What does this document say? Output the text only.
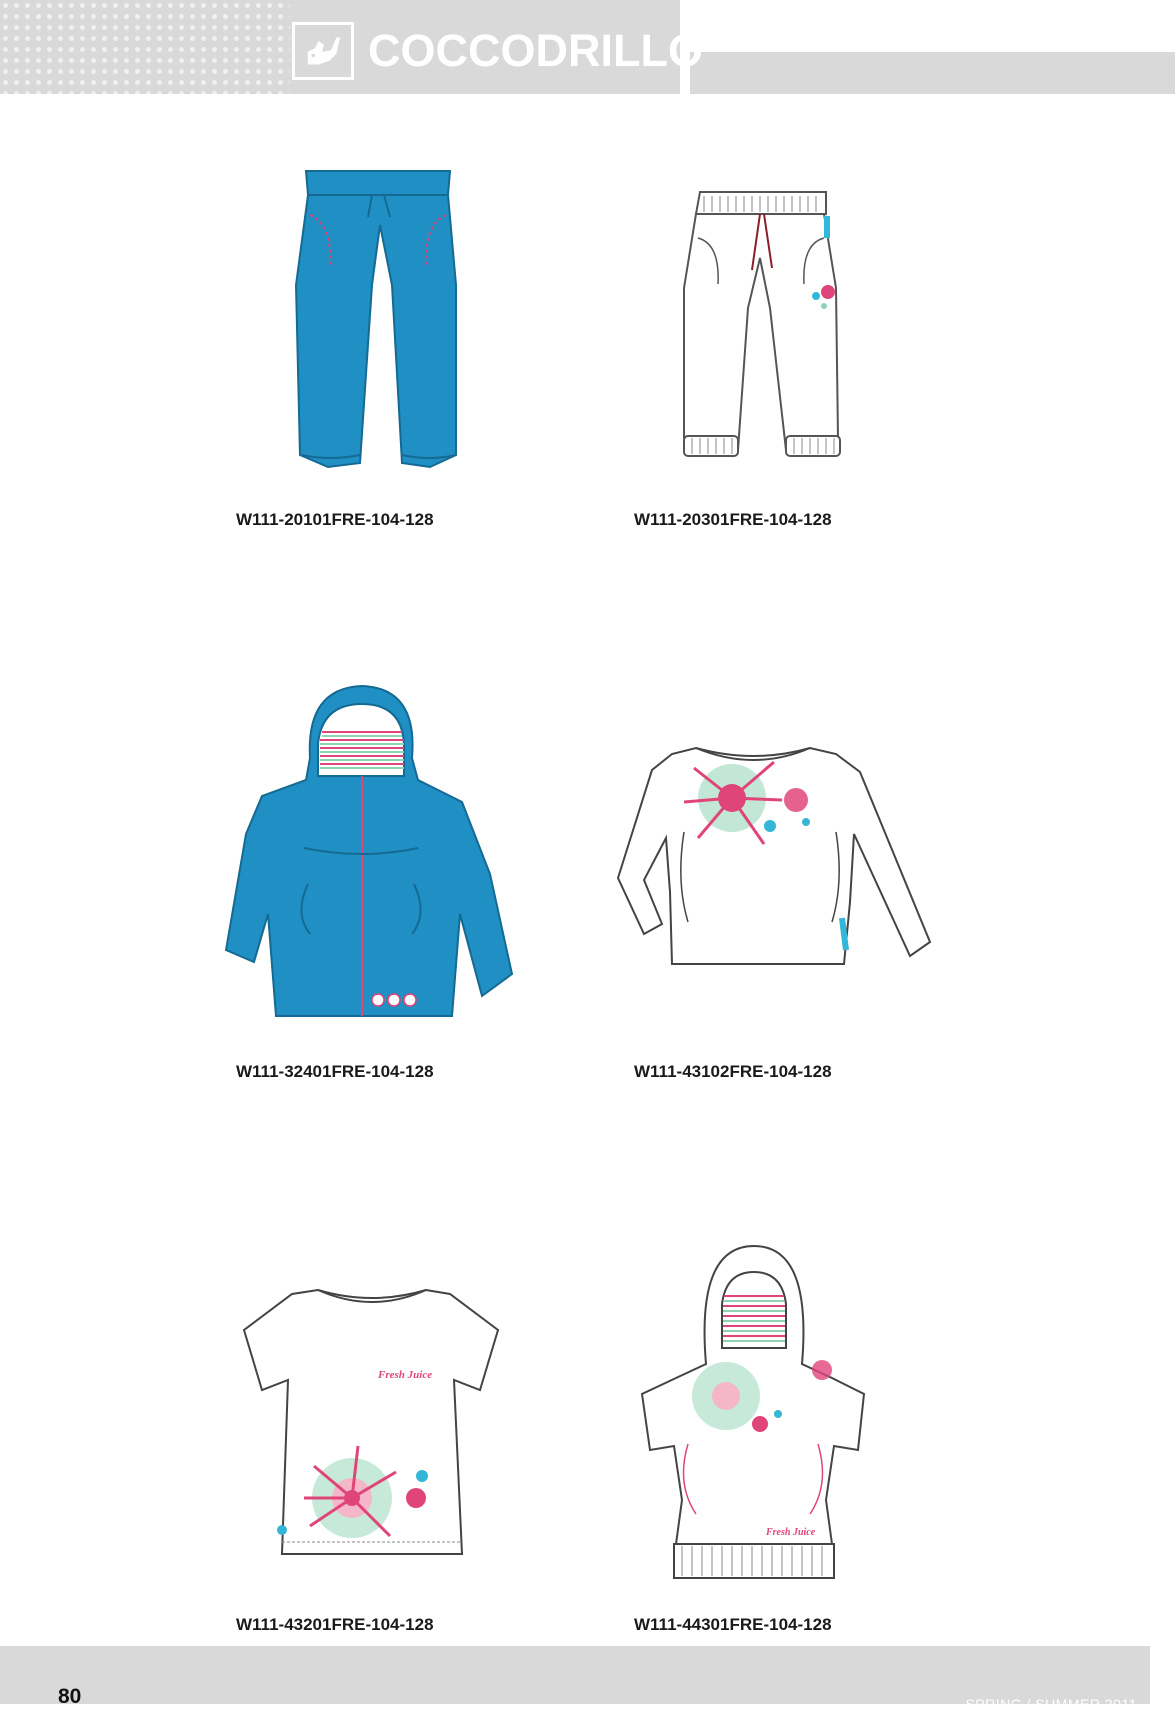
COCCODRILLO®
W111-20101FRE-104-128	W111-20301FRE-104-128
W111-32401FRE-104-128	W111-43102FRE-104-128
Fresh Juice
W111-43201FRE-104-128
Fresh Juice
W111-44301FRE-104-128
80	SPRING / SUMMER 2011
